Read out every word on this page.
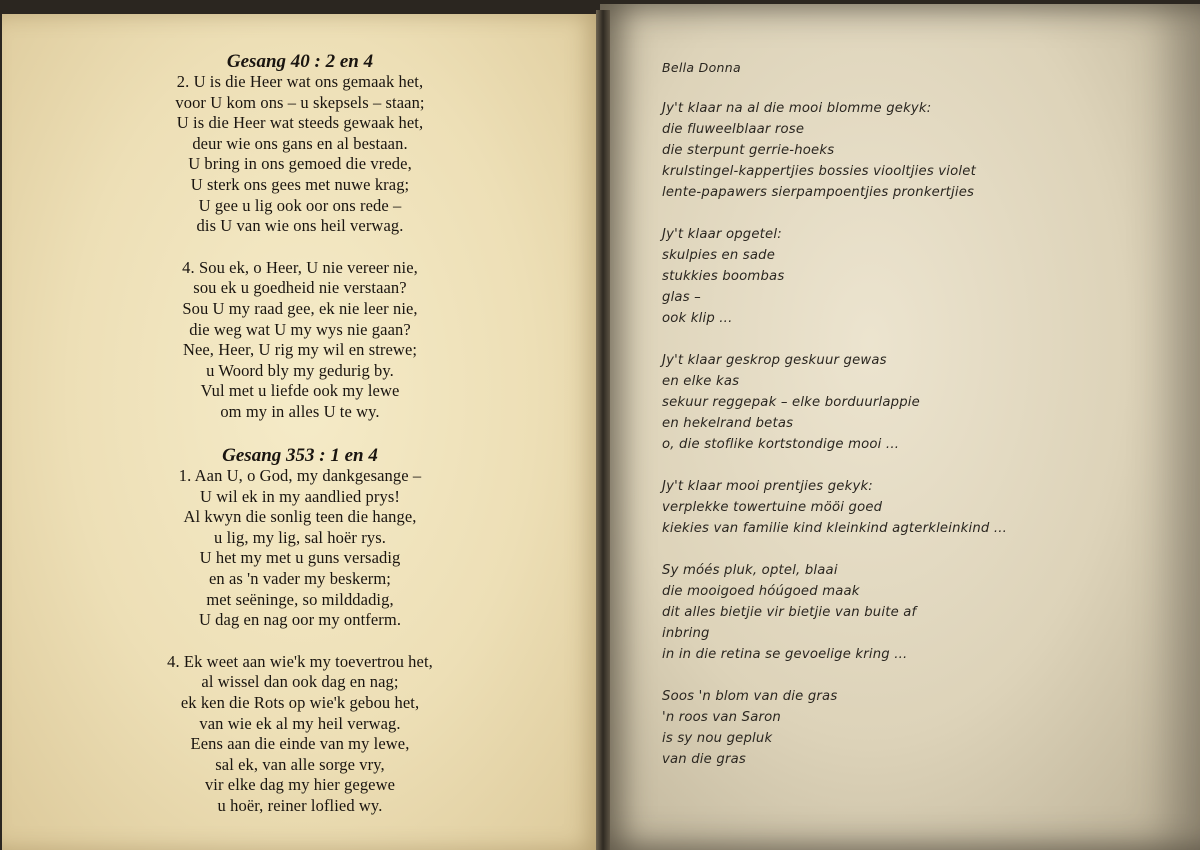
Gesang 40 : 2 en 4

2. U is die Heer wat ons gemaak het,

voor U kom ons – u skepsels – staan;

U is die Heer wat steeds gewaak het,

deur wie ons gans en al bestaan.

U bring in ons gemoed die vrede,

U sterk ons gees met nuwe krag;

U gee u lig ook oor ons rede –

dis U van wie ons heil verwag.

4. Sou ek, o Heer, U nie vereer nie,

sou ek u goedheid nie verstaan?

Sou U my raad gee, ek nie leer nie,

die weg wat U my wys nie gaan?

Nee, Heer, U rig my wil en strewe;

u Woord bly my gedurig by.

Vul met u liefde ook my lewe

om my in alles U te wy.

Gesang 353 : 1 en 4

1. Aan U, o God, my dankgesange –

U wil ek in my aandlied prys!

Al kwyn die sonlig teen die hange,

u lig, my lig, sal hoër rys.

U het my met u guns versadig

en as 'n vader my beskerm;

met seëninge, so milddadig,

U dag en nag oor my ontferm.

4. Ek weet aan wie'k my toevertrou het,

al wissel dan ook dag en nag;

ek ken die Rots op wie'k gebou het,

van wie ek al my heil verwag.

Eens aan die einde van my lewe,

sal ek, van alle sorge vry,

vir elke dag my hier gegewe

u hoër, reiner loflied wy.

Bella Donna

Jy't klaar na al die mooi blomme gekyk:

die fluweelblaar rose

die sterpunt gerrie-hoeks

krulstingel-kappertjies bossies viooltjies violet

lente-papawers sierpampoentjies pronkertjies

Jy't klaar opgetel:

skulpies en sade

stukkies boombas

glas –

ook klip ...

Jy't klaar geskrop geskuur gewas

en elke kas

sekuur reggepak – elke borduurlappie

en hekelrand betas

o, die stoflike kortstondige mooi ...

Jy't klaar mooi prentjies gekyk:

verplekke towertuine mööi goed

kiekies van familie kind kleinkind agterkleinkind ...

Sy móés pluk, optel, blaai

die mooigoed hóúgoed maak

dit alles bietjie vir bietjie van buite af

inbring

in in die retina se gevoelige kring ...

Soos 'n blom van die gras

'n roos van Saron

is sy nou gepluk

van die gras
